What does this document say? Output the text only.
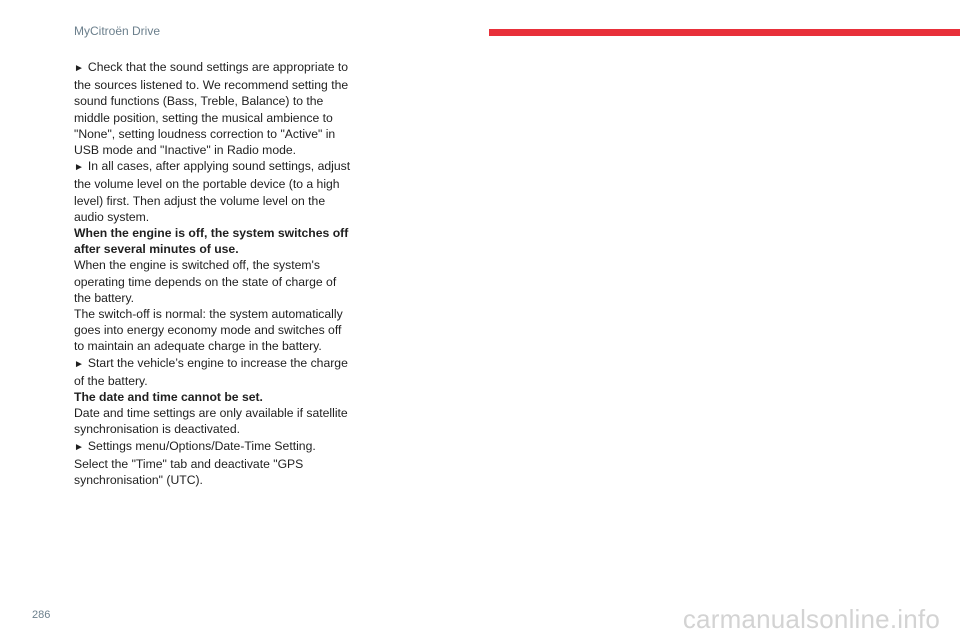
MyCitroën Drive

► Check that the sound settings are appropriate to the sources listened to. We recommend setting the sound functions (Bass, Treble, Balance) to the middle position, setting the musical ambience to "None", setting loudness correction to "Active" in USB mode and "Inactive" in Radio mode.

► In all cases, after applying sound settings, adjust the volume level on the portable device (to a high level) first. Then adjust the volume level on the audio system.

When the engine is off, the system switches off after several minutes of use.

When the engine is switched off, the system's operating time depends on the state of charge of the battery.

The switch-off is normal: the system automatically goes into energy economy mode and switches off to maintain an adequate charge in the battery.

► Start the vehicle’s engine to increase the charge of the battery.

The date and time cannot be set.

Date and time settings are only available if satellite synchronisation is deactivated.

► Settings menu/Options/Date-Time Setting.

Select the "Time" tab and deactivate "GPS synchronisation" (UTC).

286	carmanualsonline.info
